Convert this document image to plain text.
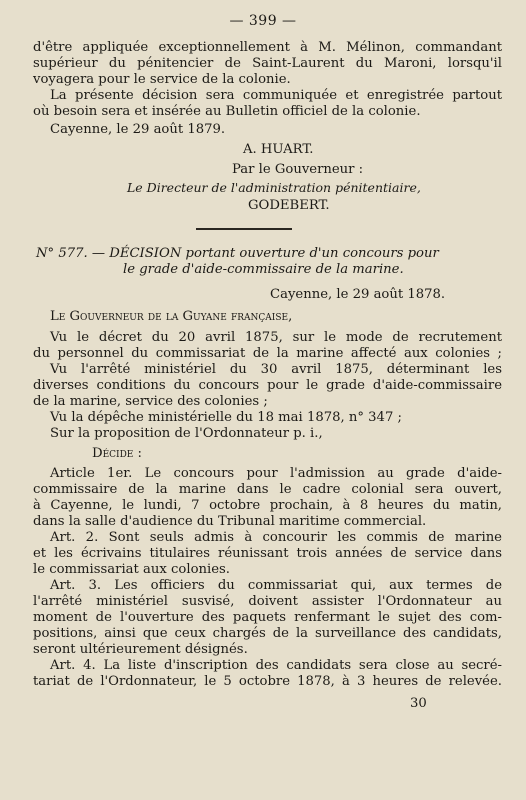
— 399 —
d'être appliquée exceptionnellement à M. Mélinon, commandant
supérieur du pénitencier de Saint-Laurent du Maroni, lorsqu'il
voyagera pour le service de la colonie.
La présente décision sera communiquée et enregistrée partout
où besoin sera et insérée au Bulletin officiel de la colonie.
Cayenne, le 29 août 1879.
A. HUART.
Par le Gouverneur :
Le Directeur de l'administration pénitentiaire,
GODEBERT.
N° 577. — DÉCISION portant ouverture d'un concours pour
le grade d'aide-commissaire de la marine.
Cayenne, le 29 août 1878.
Le Gouverneur de la Guyane française,
Vu le décret du 20 avril 1875, sur le mode de recrutement
du personnel du commissariat de la marine affecté aux colonies ;
Vu l'arrêté ministériel du 30 avril 1875, déterminant les
diverses conditions du concours pour le grade d'aide-commissaire
de la marine, service des colonies ;
Vu la dépêche ministérielle du 18 mai 1878, n° 347 ;
Sur la proposition de l'Ordonnateur p. i.,
Décide :
Article 1er. Le concours pour l'admission au grade d'aide-
commissaire de la marine dans le cadre colonial sera ouvert,
à Cayenne, le lundi, 7 octobre prochain, à 8 heures du matin,
dans la salle d'audience du Tribunal maritime commercial.
Art. 2. Sont seuls admis à concourir les commis de marine
et les écrivains titulaires réunissant trois années de service dans
le commissariat aux colonies.
Art. 3. Les officiers du commissariat qui, aux termes de
l'arrêté ministériel susvisé, doivent assister l'Ordonnateur au
moment de l'ouverture des paquets renfermant le sujet des com-
positions, ainsi que ceux chargés de la surveillance des candidats,
seront ultérieurement désignés.
Art. 4. La liste d'inscription des candidats sera close au secré-
tariat de l'Ordonnateur, le 5 octobre 1878, à 3 heures de relevée.
30
